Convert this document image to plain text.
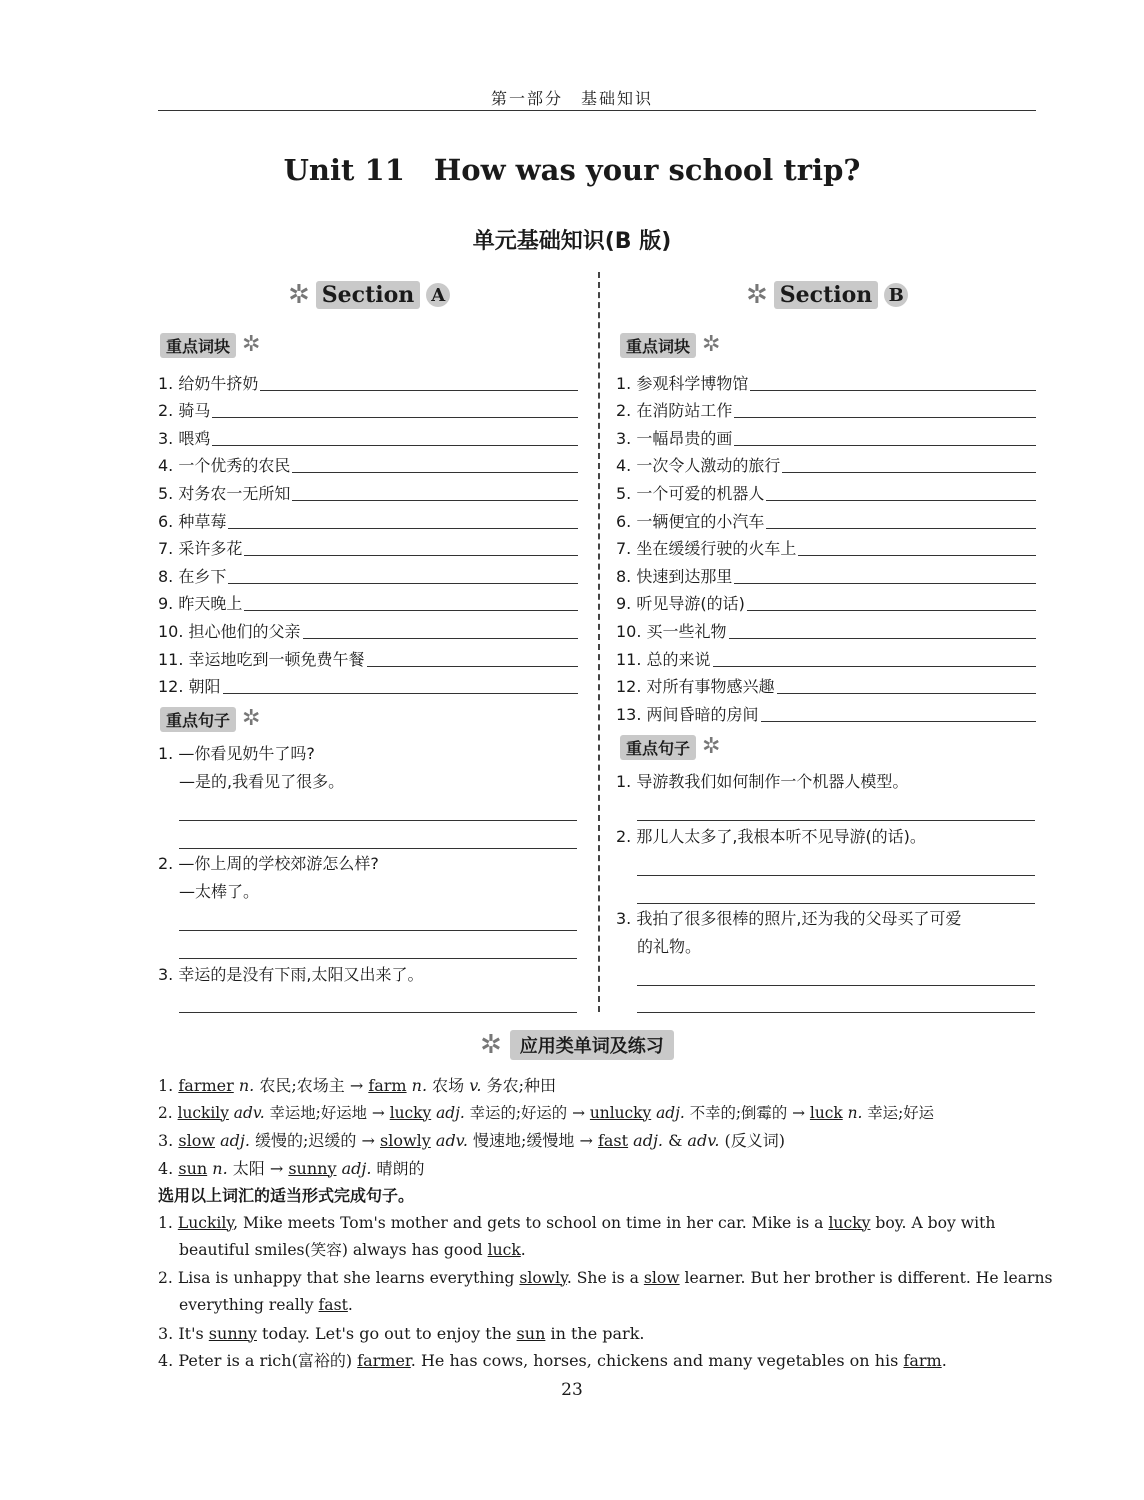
第一部分　基础知识
Unit 11　How was your school trip?
单元基础知识(B 版)
✲ Section A
重点词块 ✲
1. 给奶牛挤奶
2. 骑马
3. 喂鸡
4. 一个优秀的农民
5. 对务农一无所知
6. 种草莓
7. 采许多花
8. 在乡下
9. 昨天晚上
10. 担心他们的父亲
11. 幸运地吃到一顿免费午餐
12. 朝阳
重点句子 ✲
1. —你看见奶牛了吗?
—是的,我看见了很多。
2. —你上周的学校郊游怎么样?
—太棒了。
3. 幸运的是没有下雨,太阳又出来了。
✲ Section B
重点词块 ✲
1. 参观科学博物馆
2. 在消防站工作
3. 一幅昂贵的画
4. 一次令人激动的旅行
5. 一个可爱的机器人
6. 一辆便宜的小汽车
7. 坐在缓缓行驶的火车上
8. 快速到达那里
9. 听见导游(的话)
10. 买一些礼物
11. 总的来说
12. 对所有事物感兴趣
13. 两间昏暗的房间
重点句子 ✲
1. 导游教我们如何制作一个机器人模型。
2. 那儿人太多了,我根本听不见导游(的话)。
3. 我拍了很多很棒的照片,还为我的父母买了可爱
的礼物。
✲	应用类单词及练习
1. farmer n. 农民;农场主 → farm n. 农场 v. 务农;种田
2. luckily adv. 幸运地;好运地 → lucky adj. 幸运的;好运的 → unlucky adj. 不幸的;倒霉的 → luck n. 幸运;好运
3. slow adj. 缓慢的;迟缓的 → slowly adv. 慢速地;缓慢地 → fast adj. & adv. (反义词)
4. sun n. 太阳 → sunny adj. 晴朗的
选用以上词汇的适当形式完成句子。
1. Luckily, Mike meets Tom's mother and gets to school on time in her car. Mike is a lucky boy. A boy with
beautiful smiles(笑容) always has good luck.
2. Lisa is unhappy that she learns everything slowly. She is a slow learner. But her brother is different. He learns
everything really fast.
3. It's sunny today. Let's go out to enjoy the sun in the park.
4. Peter is a rich(富裕的) farmer. He has cows, horses, chickens and many vegetables on his farm.
23
